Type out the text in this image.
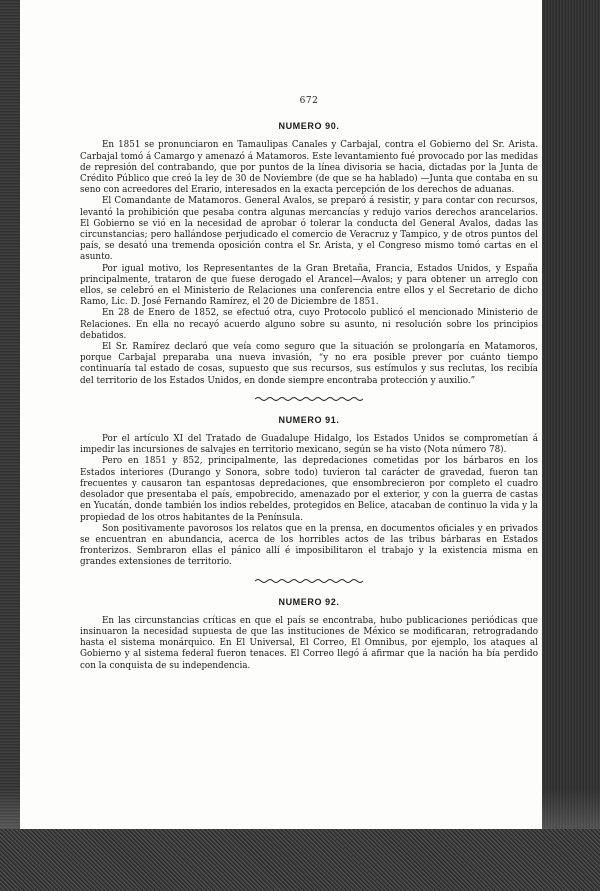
672
NUMERO 90.

En 1851 se pronunciaron en Tamaulipas Canales y Carbajal, contra el Gobierno del Sr. Arista. Carbajal tomó á Camargo y amenazó á Matamoros. Este levantamiento fué provocado por las medidas de represión del contrabando, que por puntos de la línea divisoria se hacia, dictadas por la Junta de Crédito Público que creó la ley de 30 de Noviembre (de que se ha hablado) —Junta que contaba en su seno con acreedores del Erario, interesados en la exacta percepción de los derechos de aduanas.

El Comandante de Matamoros. General Avalos, se preparó á resistir, y para contar con recursos, levantó la prohibición que pesaba contra algunas mercancías y redujo varios derechos arancelarios. El Gobierno se vió en la necesidad de aprobar ó tolerar la conducta del General Avalos, dadas las circunstancias; pero hallándose perjudicado el comercio de Veracruz y Tampico, y de otros puntos del país, se desató una tremenda oposición contra el Sr. Arista, y el Congreso mismo tomó cartas en el asunto.

Por igual motivo, los Representantes de la Gran Bretaña, Francia, Estados Unidos, y España principalmente, trataron de que fuese derogado el Arancel—Avalos; y para obtener un arreglo con ellos, se celebró en el Ministerio de Relaciones una conferencia entre ellos y el Secretario de dicho Ramo, Lic. D. José Fernando Ramírez, el 20 de Diciembre de 1851.

En 28 de Enero de 1852, se efectuó otra, cuyo Protocolo publicó el mencionado Ministerio de Relaciones. En ella no recayó acuerdo alguno sobre su asunto, ni resolución sobre los principios debatidos.

El Sr. Ramírez declaró que veía como seguro que la situación se prolongaría en Matamoros, porque Carbajal preparaba una nueva invasión, “y no era posible prever por cuánto tiempo continuaría tal estado de cosas, supuesto que sus recursos, sus estímulos y sus reclutas, los recibía del territorio de los Estados Unidos, en donde siempre encontraba protección y auxilio.”

NUMERO 91.

Por el artículo XI del Tratado de Guadalupe Hidalgo, los Estados Unidos se comprometían á impedir las incursiones de salvajes en territorio mexicano, según se ha visto (Nota número 78).

Pero en 1851 y 852, principalmente, las depredaciones cometidas por los bárbaros en los Estados interiores (Durango y Sonora, sobre todo) tuvieron tal carácter de gravedad, fueron tan frecuentes y causaron tan espantosas depredaciones, que ensombrecieron por completo el cuadro desolador que presentaba el país, empobrecido, amenazado por el exterior, y con la guerra de castas en Yucatán, donde también los indios rebeldes, protegidos en Belice, atacaban de continuo la vida y la propiedad de los otros habitantes de la Península.

Son positivamente pavorosos los relatos que en la prensa, en documentos oficiales y en privados se encuentran en abundancia, acerca de los horribles actos de las tribus bárbaras en Estados fronterizos. Sembraron ellas el pánico allí é imposibilitaron el trabajo y la existencia misma en grandes extensiones de territorio.

NUMERO 92.

En las circunstancias críticas en que el país se encontraba, hubo publicaciones periódicas que insinuaron la necesidad supuesta de que las instituciones de México se modificaran, retrogradando hasta el sistema monárquico. En El Universal, El Correo, El Omnibus, por ejemplo, los ataques al Gobierno y al sistema federal fueron tenaces. El Correo llegó á afirmar que la nación ha bía perdido con la conquista de su independencia.
